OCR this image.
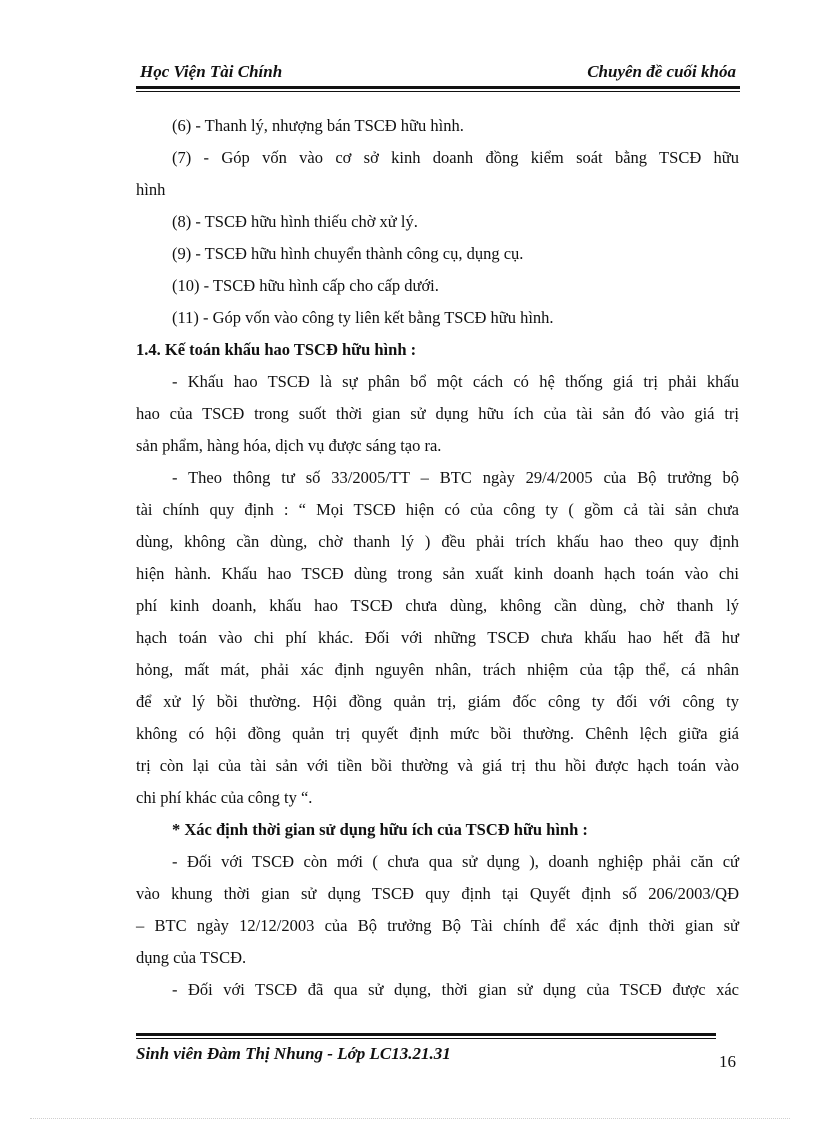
Học Viện Tài Chính	Chuyên đề cuối khóa
(6) - Thanh lý, nhượng bán TSCĐ hữu hình.
(7) - Góp vốn vào cơ sở kinh doanh đồng kiểm soát bằng TSCĐ hữu
hình
(8) - TSCĐ hữu hình thiếu chờ xử lý.
(9) - TSCĐ hữu hình chuyển thành công cụ, dụng cụ.
(10) - TSCĐ hữu hình cấp cho cấp dưới.
(11) - Góp vốn vào công ty liên kết bằng TSCĐ hữu hình.
1.4. Kế toán khấu hao TSCĐ hữu hình :
- Khấu hao TSCĐ là sự phân bổ một cách có hệ thống giá trị phải khấu
hao của TSCĐ trong suốt thời gian sử dụng hữu ích của tài sản đó vào giá trị
sản phẩm, hàng hóa, dịch vụ được sáng tạo ra.
- Theo thông tư số 33/2005/TT – BTC ngày 29/4/2005 của Bộ trưởng bộ
tài chính quy định : “ Mọi TSCĐ hiện có của công ty ( gồm cả tài sản chưa
dùng, không cần dùng, chờ thanh lý ) đều phải trích khấu hao theo quy định
hiện hành. Khấu hao TSCĐ dùng trong sản xuất kinh doanh hạch toán vào chi
phí kinh doanh, khấu hao TSCĐ chưa dùng, không cần dùng, chờ thanh lý
hạch toán vào chi phí khác. Đối với những TSCĐ chưa khấu hao hết đã hư
hỏng, mất mát, phải xác định nguyên nhân, trách nhiệm của tập thể, cá nhân
để xử lý bồi thường. Hội đồng quản trị, giám đốc công ty đối với công ty
không có hội đồng quản trị quyết định mức bồi thường. Chênh lệch giữa giá
trị còn lại của tài sản với tiền bồi thường và giá trị thu hồi được hạch toán vào
chi phí khác của công ty “.
* Xác định thời gian sử dụng hữu ích của TSCĐ hữu hình :
- Đối với TSCĐ còn mới ( chưa qua sử dụng ), doanh nghiệp phải căn cứ
vào khung thời gian sử dụng TSCĐ quy định tại Quyết định số 206/2003/QĐ
– BTC ngày 12/12/2003 của Bộ trưởng Bộ Tài chính để xác định thời gian sử
dụng của TSCĐ.
- Đối với TSCĐ đã qua sử dụng, thời gian sử dụng của TSCĐ được xác
Sinh viên Đàm Thị Nhung - Lớp LC13.21.31	16
